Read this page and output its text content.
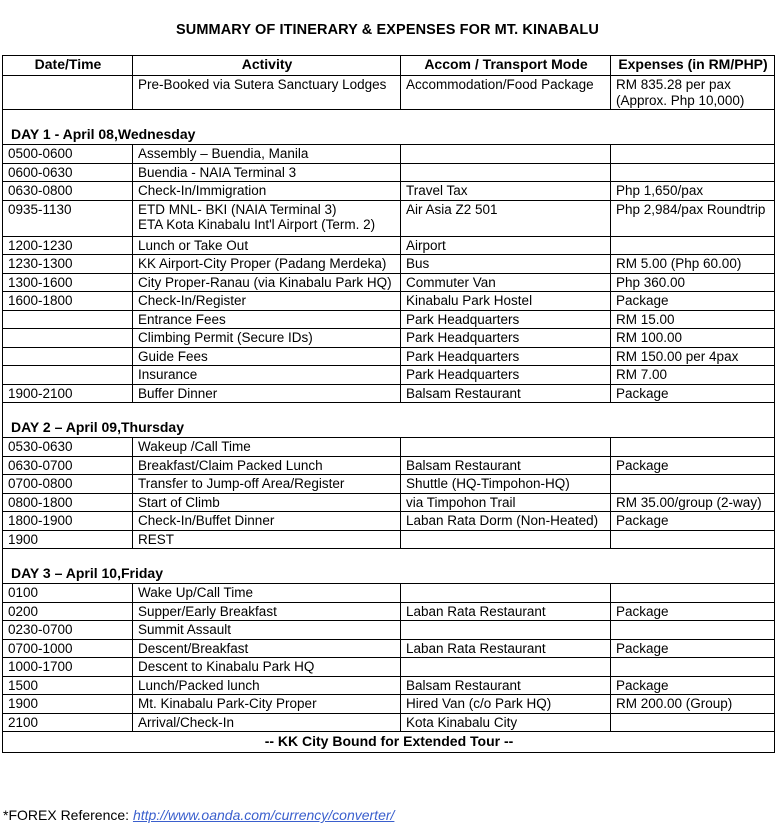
SUMMARY OF ITINERARY & EXPENSES FOR MT. KINABALU
Date/Time	Activity	Accom / Transport Mode	Expenses (in RM/PHP)
	Pre-Booked via Sutera Sanctuary Lodges	Accommodation/Food Package	RM 835.28 per pax
(Approx. Php 10,000)

DAY 1 - April 08,Wednesday			
0500-0600	Assembly – Buendia, Manila		
0600-0630	Buendia - NAIA Terminal 3		
0630-0800	Check-In/Immigration	Travel Tax	Php 1,650/pax
0935-1130	ETD MNL- BKI (NAIA Terminal 3)
ETA Kota Kinabalu Int'l Airport (Term. 2)	Air Asia Z2 501	Php 2,984/pax Roundtrip
1200-1230	Lunch or Take Out	Airport	
1230-1300	KK Airport-City Proper (Padang Merdeka)	Bus	RM 5.00 (Php 60.00)
1300-1600	City Proper-Ranau (via Kinabalu Park HQ)	Commuter Van	Php 360.00
1600-1800	Check-In/Register	Kinabalu Park Hostel	Package
	Entrance Fees	Park Headquarters	RM 15.00
	Climbing Permit (Secure IDs)	Park Headquarters	RM 100.00
	Guide Fees	Park Headquarters	RM 150.00 per 4pax
	Insurance	Park Headquarters	RM 7.00
1900-2100	Buffer Dinner	Balsam Restaurant	Package
DAY 2 – April 09,Thursday			
0530-0630	Wakeup /Call Time		
0630-0700	Breakfast/Claim Packed Lunch	Balsam Restaurant	Package
0700-0800	Transfer to Jump-off Area/Register	Shuttle (HQ-Timpohon-HQ)	
0800-1800	Start of Climb	via Timpohon Trail	RM 35.00/group (2-way)
1800-1900	Check-In/Buffet Dinner	Laban Rata Dorm (Non-Heated)	Package
1900	REST		
DAY 3 – April 10,Friday			
0100	Wake Up/Call Time		
0200	Supper/Early Breakfast	Laban Rata Restaurant	Package
0230-0700	Summit Assault		
0700-1000	Descent/Breakfast	Laban Rata Restaurant	Package
1000-1700	Descent to Kinabalu Park HQ		
1500	Lunch/Packed lunch	Balsam Restaurant	Package
1900	Mt. Kinabalu Park-City Proper	Hired Van (c/o Park HQ)	RM 200.00 (Group)
2100	Arrival/Check-In	Kota Kinabalu City	
-- KK City Bound for Extended Tour --			
*FOREX Reference: http://www.oanda.com/currency/converter/
